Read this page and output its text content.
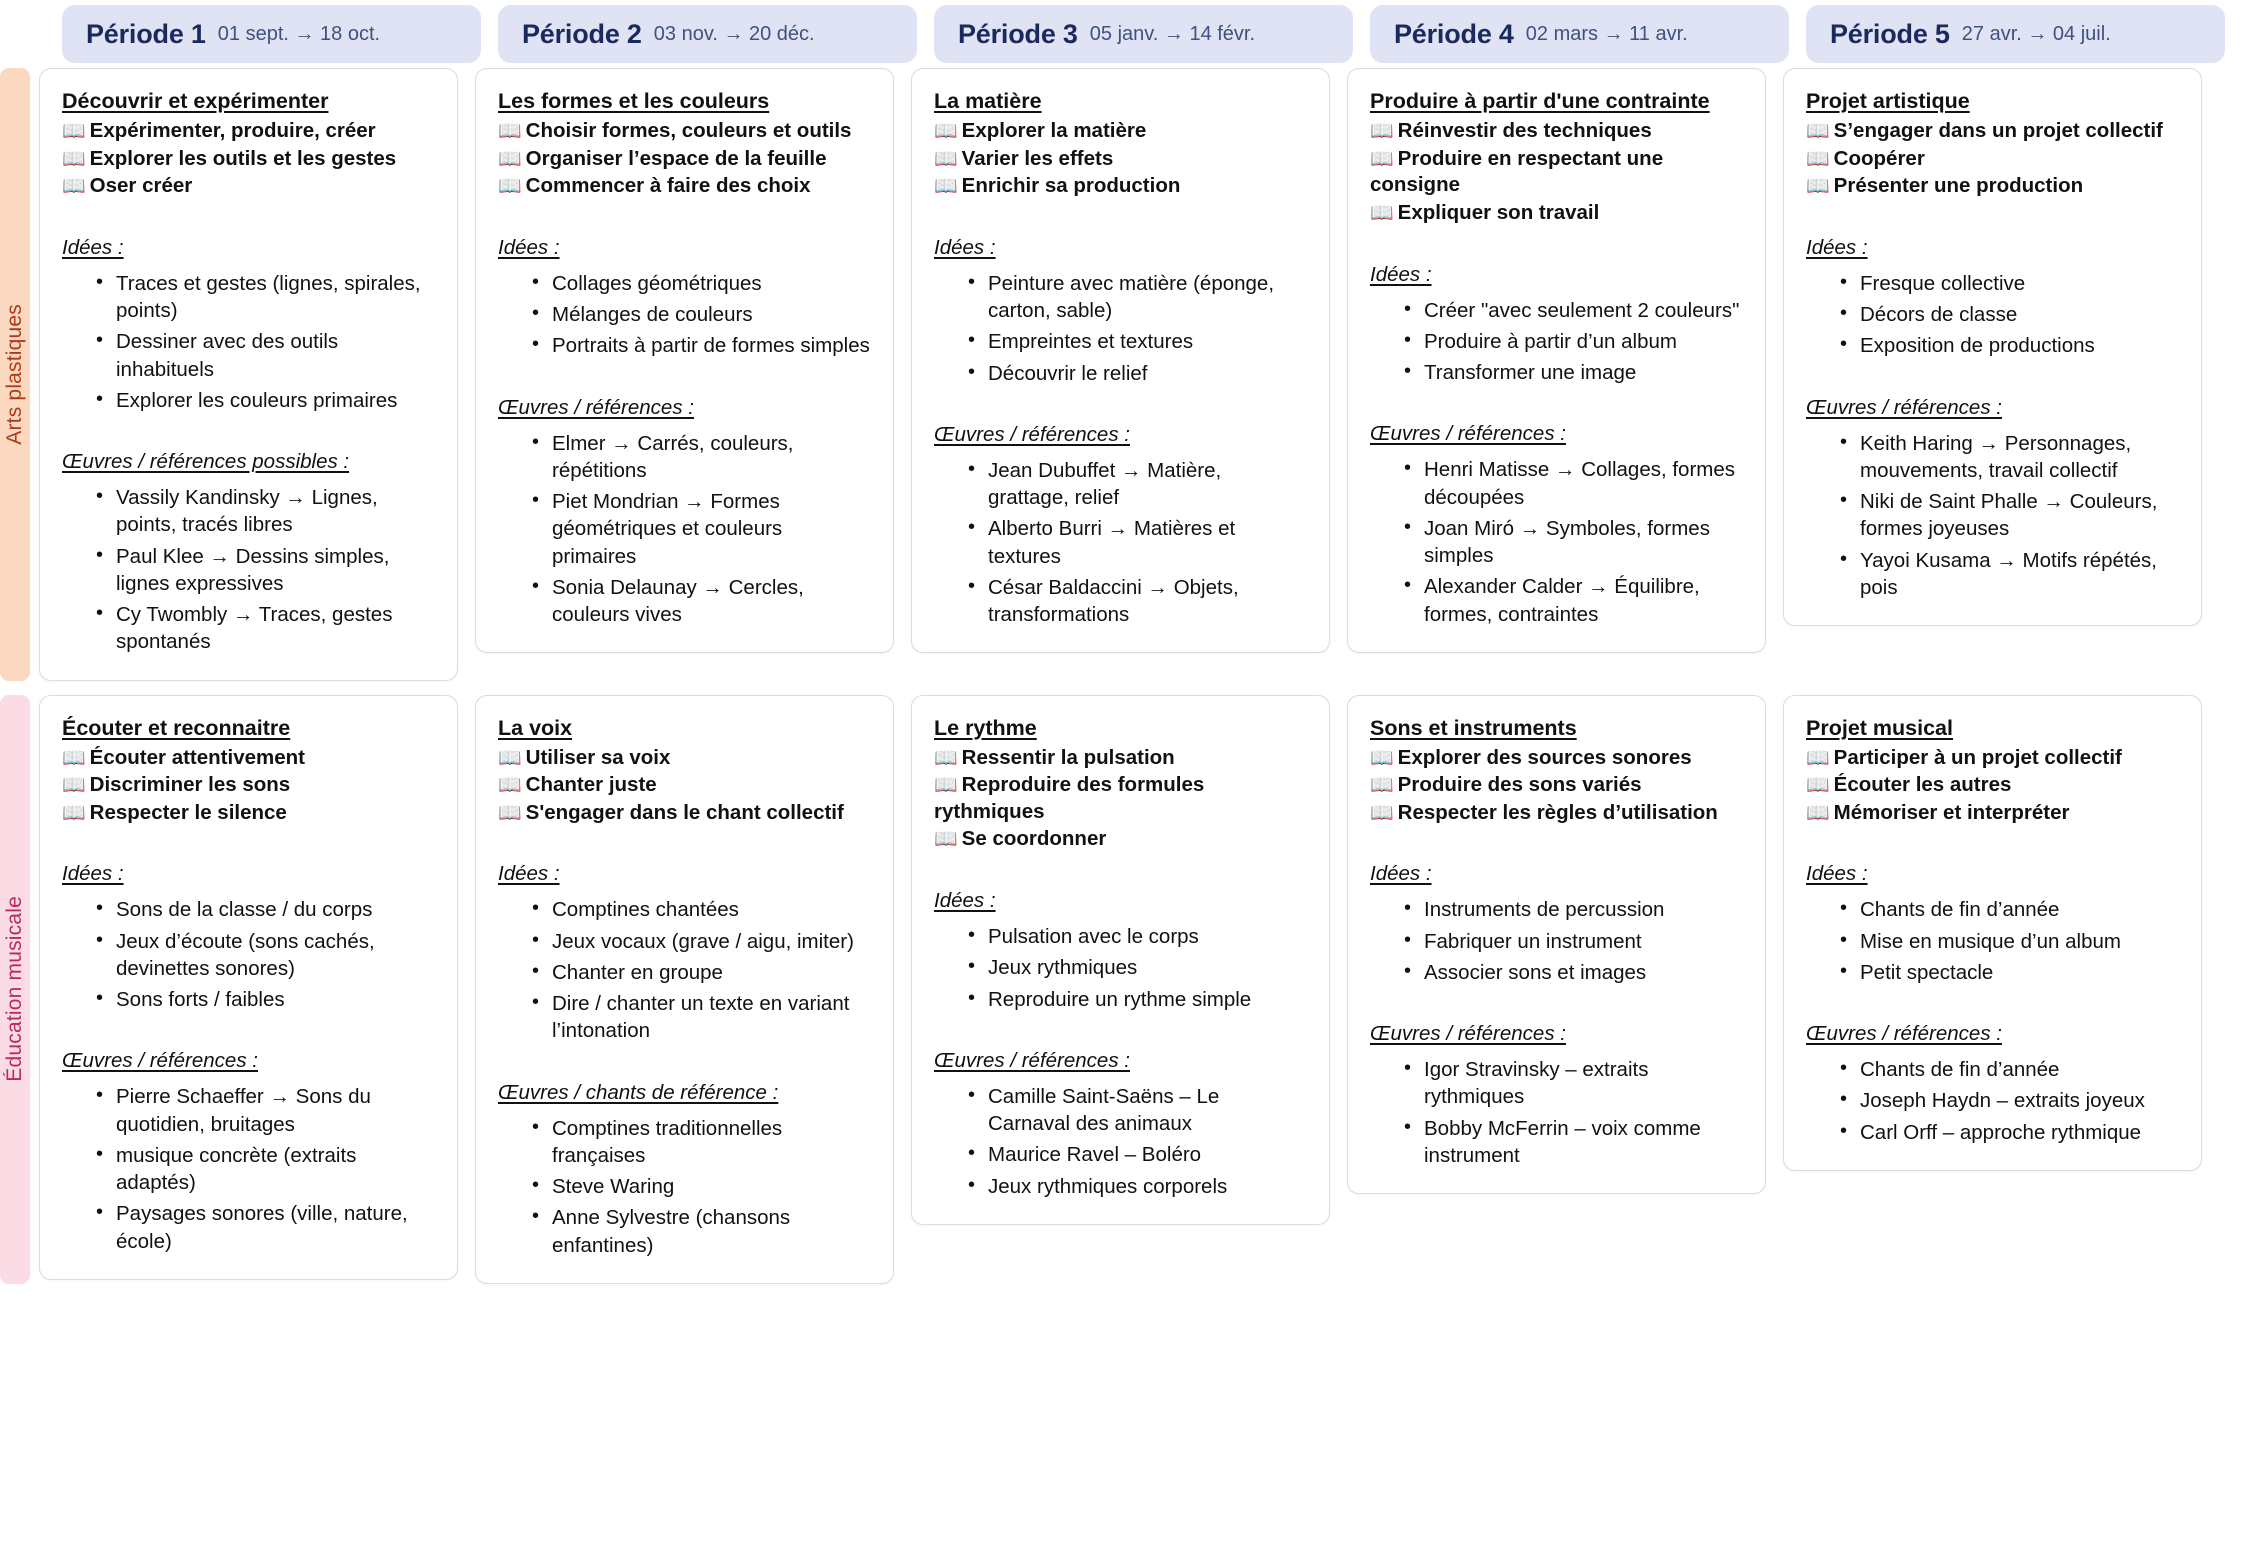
Période 1 01 sept. → 18 oct.	Période 2 03 nov. → 20 déc.	Période 3 05 janv. → 14 févr.	Période 4 02 mars → 11 avr.	Période 5 27 avr. → 04 juil.
Arts plastiques
Découvrir et expérimenter
📖 Expérimenter, produire, créer
📖 Explorer les outils et les gestes
📖 Oser créer
Idées :
• Traces et gestes (lignes, spirales, points)
• Dessiner avec des outils inhabituels
• Explorer les couleurs primaires
Œuvres / références possibles :
• Vassily Kandinsky → Lignes, points, tracés libres
• Paul Klee → Dessins simples, lignes expressives
• Cy Twombly → Traces, gestes spontanés
Les formes et les couleurs
📖 Choisir formes, couleurs et outils
📖 Organiser l’espace de la feuille
📖 Commencer à faire des choix
Idées :
• Collages géométriques
• Mélanges de couleurs
• Portraits à partir de formes simples
Œuvres / références :
• Elmer → Carrés, couleurs, répétitions
• Piet Mondrian → Formes géométriques et couleurs primaires
• Sonia Delaunay → Cercles, couleurs vives
La matière
📖 Explorer la matière
📖 Varier les effets
📖 Enrichir sa production
Idées :
• Peinture avec matière (éponge, carton, sable)
• Empreintes et textures
• Découvrir le relief
Œuvres / références :
• Jean Dubuffet → Matière, grattage, relief
• Alberto Burri → Matières et textures
• César Baldaccini → Objets, transformations
Produire à partir d'une contrainte
📖 Réinvestir des techniques
📖 Produire en respectant une consigne
📖 Expliquer son travail
Idées :
• Créer "avec seulement 2 couleurs"
• Produire à partir d’un album
• Transformer une image
Œuvres / références :
• Henri Matisse → Collages, formes découpées
• Joan Miró → Symboles, formes simples
• Alexander Calder → Équilibre, formes, contraintes
Projet artistique
📖 S’engager dans un projet collectif
📖 Coopérer
📖 Présenter une production
Idées :
• Fresque collective
• Décors de classe
• Exposition de productions
Œuvres / références :
• Keith Haring → Personnages, mouvements, travail collectif
• Niki de Saint Phalle → Couleurs, formes joyeuses
• Yayoi Kusama → Motifs répétés, pois
Éducation musicale
Écouter et reconnaitre
📖 Écouter attentivement
📖 Discriminer les sons
📖 Respecter le silence
Idées :
• Sons de la classe / du corps
• Jeux d’écoute (sons cachés, devinettes sonores)
• Sons forts / faibles
Œuvres / références :
• Pierre Schaeffer → Sons du quotidien, bruitages
• musique concrète (extraits adaptés)
• Paysages sonores (ville, nature, école)
La voix
📖 Utiliser sa voix
📖 Chanter juste
📖 S'engager dans le chant collectif
Idées :
• Comptines chantées
• Jeux vocaux (grave / aigu, imiter)
• Chanter en groupe
• Dire / chanter un texte en variant l’intonation
Œuvres / chants de référence :
• Comptines traditionnelles françaises
• Steve Waring
• Anne Sylvestre (chansons enfantines)
Le rythme
📖 Ressentir la pulsation
📖 Reproduire des formules rythmiques
📖 Se coordonner
Idées :
• Pulsation avec le corps
• Jeux rythmiques
• Reproduire un rythme simple
Œuvres / références :
• Camille Saint-Saëns – Le Carnaval des animaux
• Maurice Ravel – Boléro
• Jeux rythmiques corporels
Sons et instruments
📖 Explorer des sources sonores
📖 Produire des sons variés
📖 Respecter les règles d’utilisation
Idées :
• Instruments de percussion
• Fabriquer un instrument
• Associer sons et images
Œuvres / références :
• Igor Stravinsky – extraits rythmiques
• Bobby McFerrin – voix comme instrument
Projet musical
📖 Participer à un projet collectif
📖 Écouter les autres
📖 Mémoriser et interpréter
Idées :
• Chants de fin d’année
• Mise en musique d’un album
• Petit spectacle
Œuvres / références :
• Chants de fin d’année
• Joseph Haydn – extraits joyeux
• Carl Orff – approche rythmique
